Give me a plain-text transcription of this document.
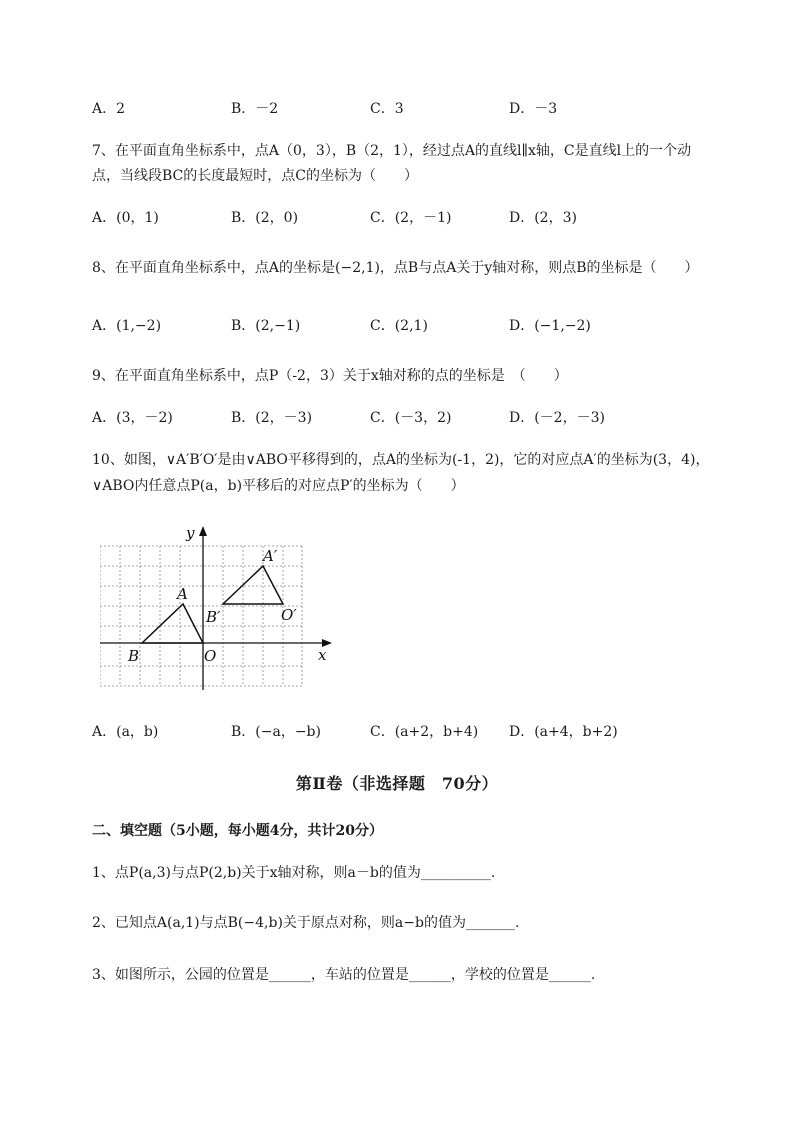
A．2	B．－2	C．3	D．－3
7、在平面直角坐标系中，点A（0，3），B（2，1），经过点A的直线l∥x轴，C是直线l上的一个动
点，当线段BC的长度最短时，点C的坐标为（　　）
A．(0，1)	B．(2，0)	C．(2，－1)	D．(2，3)
8、在平面直角坐标系中，点A的坐标是(−2,1)，点B与点A关于y轴对称，则点B的坐标是（　　）
A．(1,−2)	B．(2,−1)	C．(2,1)	D．(−1,−2)
9、在平面直角坐标系中，点P（-2，3）关于x轴对称的点的坐标是　（　　）
A．(3，－2)	B．(2，－3)	C．(－3，2)	D．(－2，－3)
10、如图，∨A′B′O′是由∨ABO平移得到的，点A的坐标为(-1，2)，它的对应点A′的坐标为(3，4)，
∨ABO内任意点P(a，b)平移后的对应点P′的坐标为（　　）
y
x
A
A′
B
B′
O
O′
A．(a，b)	B．(−a，−b)	C．(a+2，b+4) D．(a+4，b+2)
第Ⅱ卷（非选择题　70分）
二、填空题（5小题，每小题4分，共计20分）
1、点P(a,3)与点P(2,b)关于x轴对称，则a－b的值为__________.
2、已知点A(a,1)与点B(−4,b)关于原点对称，则a−b的值为_______.
3、如图所示，公园的位置是______，车站的位置是______，学校的位置是______.
